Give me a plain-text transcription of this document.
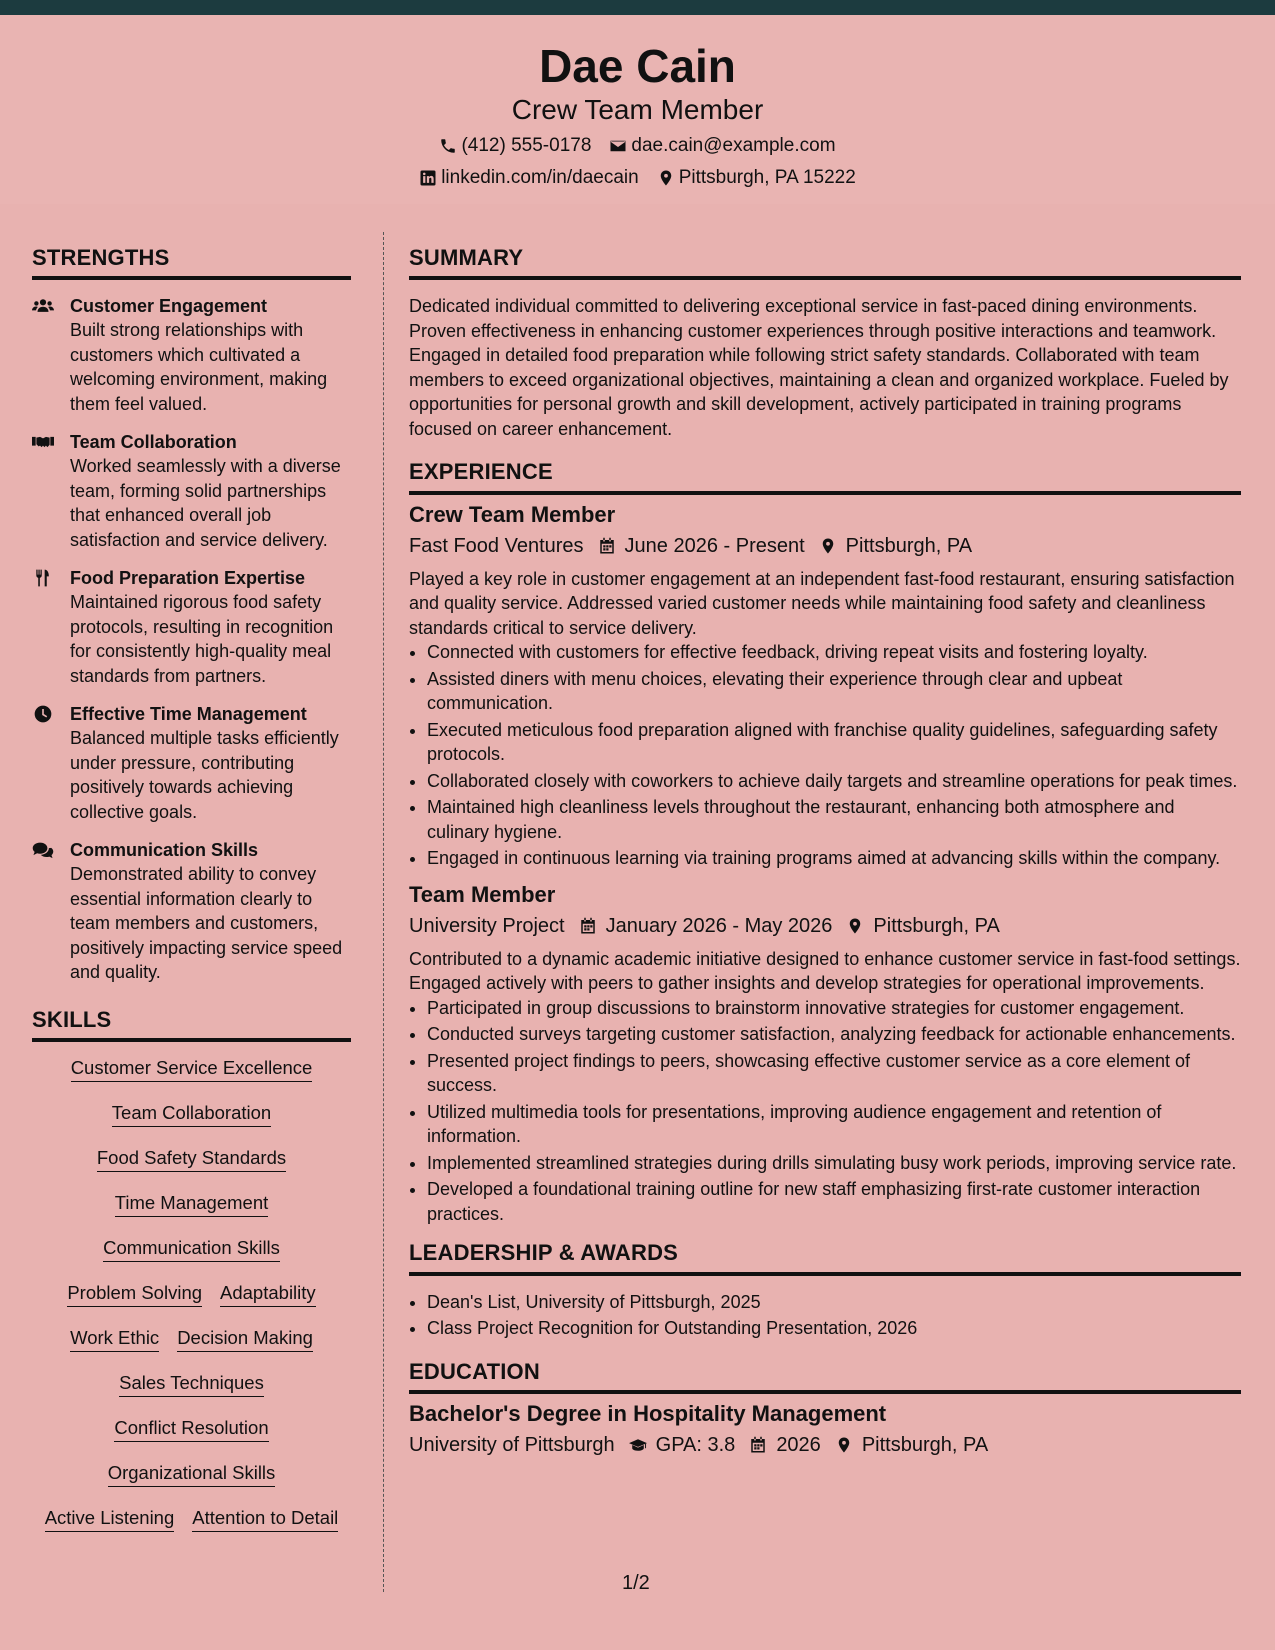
Dae Cain
Crew Team Member
(412) 555-0178 dae.cain@example.com
linkedin.com/in/daecain Pittsburgh, PA 15222
STRENGTHS
Customer Engagement
Built strong relationships with customers which cultivated a welcoming environment, making them feel valued.
Team Collaboration
Worked seamlessly with a diverse team, forming solid partnerships that enhanced overall job satisfaction and service delivery.
Food Preparation Expertise
Maintained rigorous food safety protocols, resulting in recognition for consistently high-quality meal standards from partners.
Effective Time Management
Balanced multiple tasks efficiently under pressure, contributing positively towards achieving collective goals.
Communication Skills
Demonstrated ability to convey essential information clearly to team members and customers, positively impacting service speed and quality.
SKILLS
Customer Service Excellence
Team Collaboration
Food Safety Standards
Time Management
Communication Skills
Problem Solving Adaptability
Work Ethic Decision Making
Sales Techniques
Conflict Resolution
Organizational Skills
Active Listening Attention to Detail
SUMMARY

Dedicated individual committed to delivering exceptional service in fast-paced dining environments. Proven effectiveness in enhancing customer experiences through positive interactions and teamwork. Engaged in detailed food preparation while following strict safety standards. Collaborated with team members to exceed organizational objectives, maintaining a clean and organized workplace. Fueled by opportunities for personal growth and skill development, actively participated in training programs focused on career enhancement.

EXPERIENCE
Crew Team Member
Fast Food Ventures June 2026 - Present Pittsburgh, PA

Played a key role in customer engagement at an independent fast-food restaurant, ensuring satisfaction and quality service. Addressed varied customer needs while maintaining food safety and cleanliness standards critical to service delivery.

• Connected with customers for effective feedback, driving repeat visits and fostering loyalty.
• Assisted diners with menu choices, elevating their experience through clear and upbeat communication.
• Executed meticulous food preparation aligned with franchise quality guidelines, safeguarding safety protocols.
• Collaborated closely with coworkers to achieve daily targets and streamline operations for peak times.
• Maintained high cleanliness levels throughout the restaurant, enhancing both atmosphere and culinary hygiene.
• Engaged in continuous learning via training programs aimed at advancing skills within the company.
Team Member
University Project January 2026 - May 2026 Pittsburgh, PA

Contributed to a dynamic academic initiative designed to enhance customer service in fast-food settings. Engaged actively with peers to gather insights and develop strategies for operational improvements.

• Participated in group discussions to brainstorm innovative strategies for customer engagement.
• Conducted surveys targeting customer satisfaction, analyzing feedback for actionable enhancements.
• Presented project findings to peers, showcasing effective customer service as a core element of success.
• Utilized multimedia tools for presentations, improving audience engagement and retention of information.
• Implemented streamlined strategies during drills simulating busy work periods, improving service rate.
• Developed a foundational training outline for new staff emphasizing first-rate customer interaction practices.
LEADERSHIP & AWARDS
• Dean's List, University of Pittsburgh, 2025
• Class Project Recognition for Outstanding Presentation, 2026
EDUCATION
Bachelor's Degree in Hospitality Management
University of Pittsburgh GPA: 3.8 2026 Pittsburgh, PA
1/2
